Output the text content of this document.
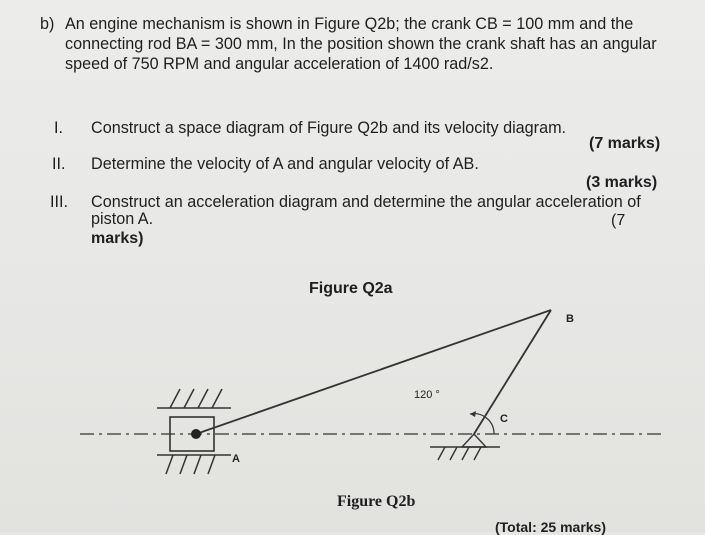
b) An engine mechanism is shown in Figure Q2b; the crank CB = 100 mm and the connecting rod BA = 300 mm, In the position shown the crank shaft has an angular speed of 750 RPM and angular acceleration of 1400 rad/s2.
I. Construct a space diagram of Figure Q2b and its velocity diagram.
(7 marks)
II. Determine the velocity of A and angular velocity of AB.
(3 marks)
III. Construct an acceleration diagram and determine the angular acceleration of
piston A.	(7
marks)
Figure Q2a
A
B
C
120 °
Figure Q2b
(Total: 25 marks)
